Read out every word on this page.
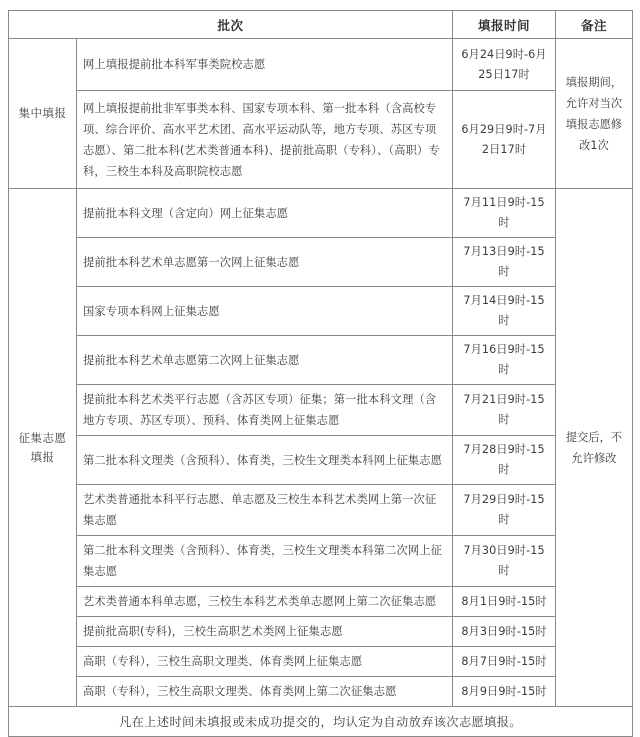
批次		填报时间	备注
集中填报	网上填报提前批本科军事类院校志愿	6月24日9时-6月25日17时	填报期间，允许对当次填报志愿修改1次
	网上填报提前批非军事类本科、国家专项本科、第一批本科（含高校专项、综合评价、高水平艺术团、高水平运动队等，地方专项、苏区专项志愿）、第二批本科(艺术类普通本科)、提前批高职（专科）、（高职）专科，三校生本科及高职院校志愿	6月29日9时-7月2日17时	
征集志愿填报	提前批本科文理（含定向）网上征集志愿	7月11日9时-15时	提交后，不允许修改
	提前批本科艺术单志愿第一次网上征集志愿	7月13日9时-15时	
	国家专项本科网上征集志愿	7月14日9时-15时	
	提前批本科艺术单志愿第二次网上征集志愿	7月16日9时-15时	
	提前批本科艺术类平行志愿（含苏区专项）征集；第一批本科文理（含地方专项、苏区专项）、预科、体育类网上征集志愿	7月21日9时-15时	
	第二批本科文理类（含预科）、体育类，三校生文理类本科网上征集志愿	7月28日9时-15时	
	艺术类普通批本科平行志愿、单志愿及三校生本科艺术类网上第一次征集志愿	7月29日9时-15时	
	第二批本科文理类（含预科）、体育类，三校生文理类本科第二次网上征集志愿	7月30日9时-15时	
	艺术类普通本科单志愿，三校生本科艺术类单志愿网上第二次征集志愿	8月1日9时-15时	
	提前批高职(专科)，三校生高职艺术类网上征集志愿	8月3日9时-15时	
	高职（专科），三校生高职文理类、体育类网上征集志愿	8月7日9时-15时	
	高职（专科），三校生高职文理类、体育类网上第二次征集志愿	8月9日9时-15时	
凡在上述时间未填报或未成功提交的，均认定为自动放弃该次志愿填报。			
